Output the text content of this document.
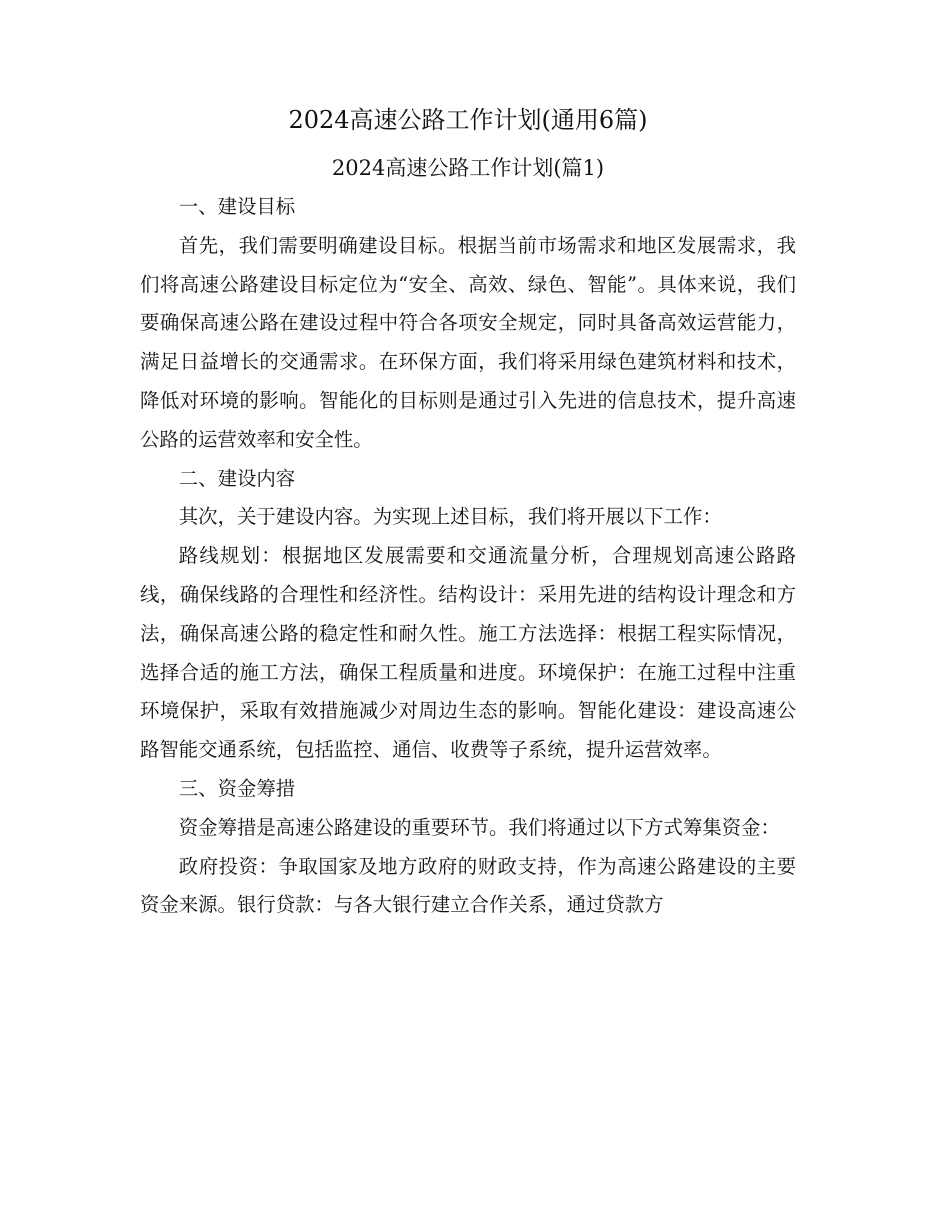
2024高速公路工作计划(通用6篇)
2024高速公路工作计划(篇1)
一、建设目标

首先，我们需要明确建设目标。根据当前市场需求和地区发展需求，我们将高速公路建设目标定位为“安全、高效、绿色、智能”。具体来说，我们要确保高速公路在建设过程中符合各项安全规定，同时具备高效运营能力，满足日益增长的交通需求。在环保方面，我们将采用绿色建筑材料和技术，降低对环境的影响。智能化的目标则是通过引入先进的信息技术，提升高速公路的运营效率和安全性。

二、建设内容

其次，关于建设内容。为实现上述目标，我们将开展以下工作：

路线规划：根据地区发展需要和交通流量分析，合理规划高速公路路线，确保线路的合理性和经济性。结构设计：采用先进的结构设计理念和方法，确保高速公路的稳定性和耐久性。施工方法选择：根据工程实际情况，选择合适的施工方法，确保工程质量和进度。环境保护：在施工过程中注重环境保护，采取有效措施减少对周边生态的影响。智能化建设：建设高速公路智能交通系统，包括监控、通信、收费等子系统，提升运营效率。

三、资金筹措

资金筹措是高速公路建设的重要环节。我们将通过以下方式筹集资金：

政府投资：争取国家及地方政府的财政支持，作为高速公路建设的主要资金来源。银行贷款：与各大银行建立合作关系，通过贷款方
